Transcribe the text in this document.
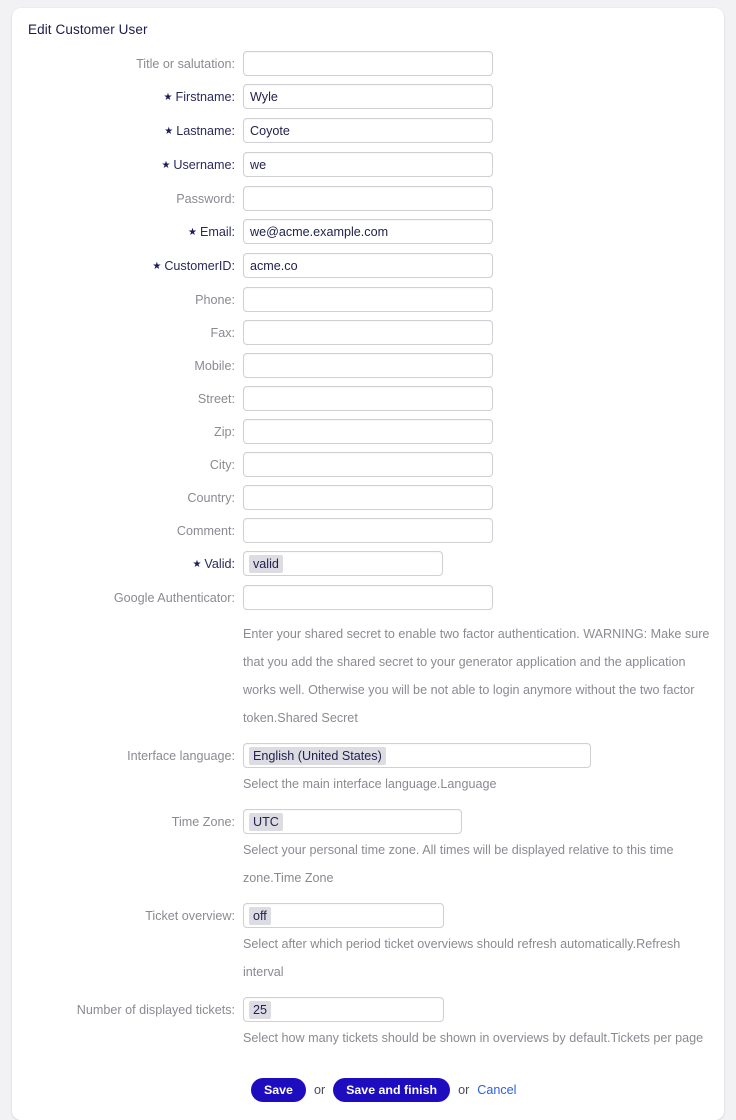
Edit Customer User
Title or salutation:
★ Firstname:
Wyle
★ Lastname:
Coyote
★ Username:
we
Password:
★ Email:
we@acme.example.com
★ CustomerID:
acme.co
Phone:
Fax:
Mobile:
Street:
Zip:
City:
Country:
Comment:
★ Valid:	valid
Google Authenticator:
Enter your shared secret to enable two factor authentication. WARNING: Make sure that you add the shared secret to your generator application and the application works well. Otherwise you will be not able to login anymore without the two factor token.Shared Secret
Interface language:	English (United States)
Select the main interface language.Language
Time Zone:	UTC
Select your personal time zone. All times will be displayed relative to this time zone.Time Zone
Ticket overview:	off
Select after which period ticket overviews should refresh automatically.Refresh interval
Number of displayed tickets:	25
Select how many tickets should be shown in overviews by default.Tickets per page
Save	or	Save and finish	or Cancel
